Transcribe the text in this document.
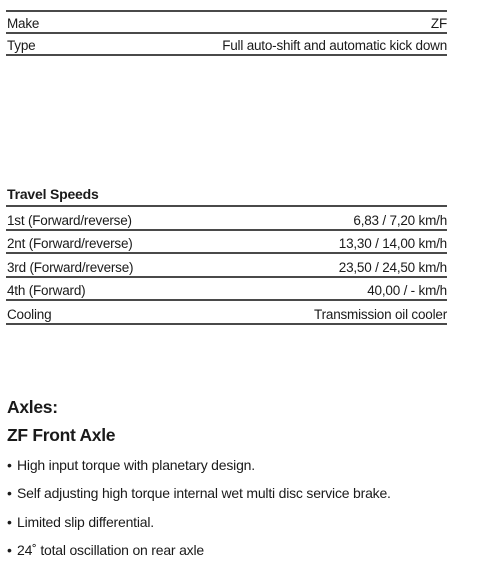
Make	ZF
Type	Full auto-shift and automatic kick down
Travel Speeds
1st (Forward/reverse)	6,83 / 7,20 km/h
2nt (Forward/reverse)	13,30 / 14,00 km/h
3rd (Forward/reverse)	23,50 / 24,50 km/h
4th (Forward)	40,00 / - km/h
Cooling	Transmission oil cooler
Axles:
ZF Front Axle
• High input torque with planetary design.
• Self adjusting high torque internal wet multi disc service brake.
• Limited slip differential.
• 24˚ total oscillation on rear axle
